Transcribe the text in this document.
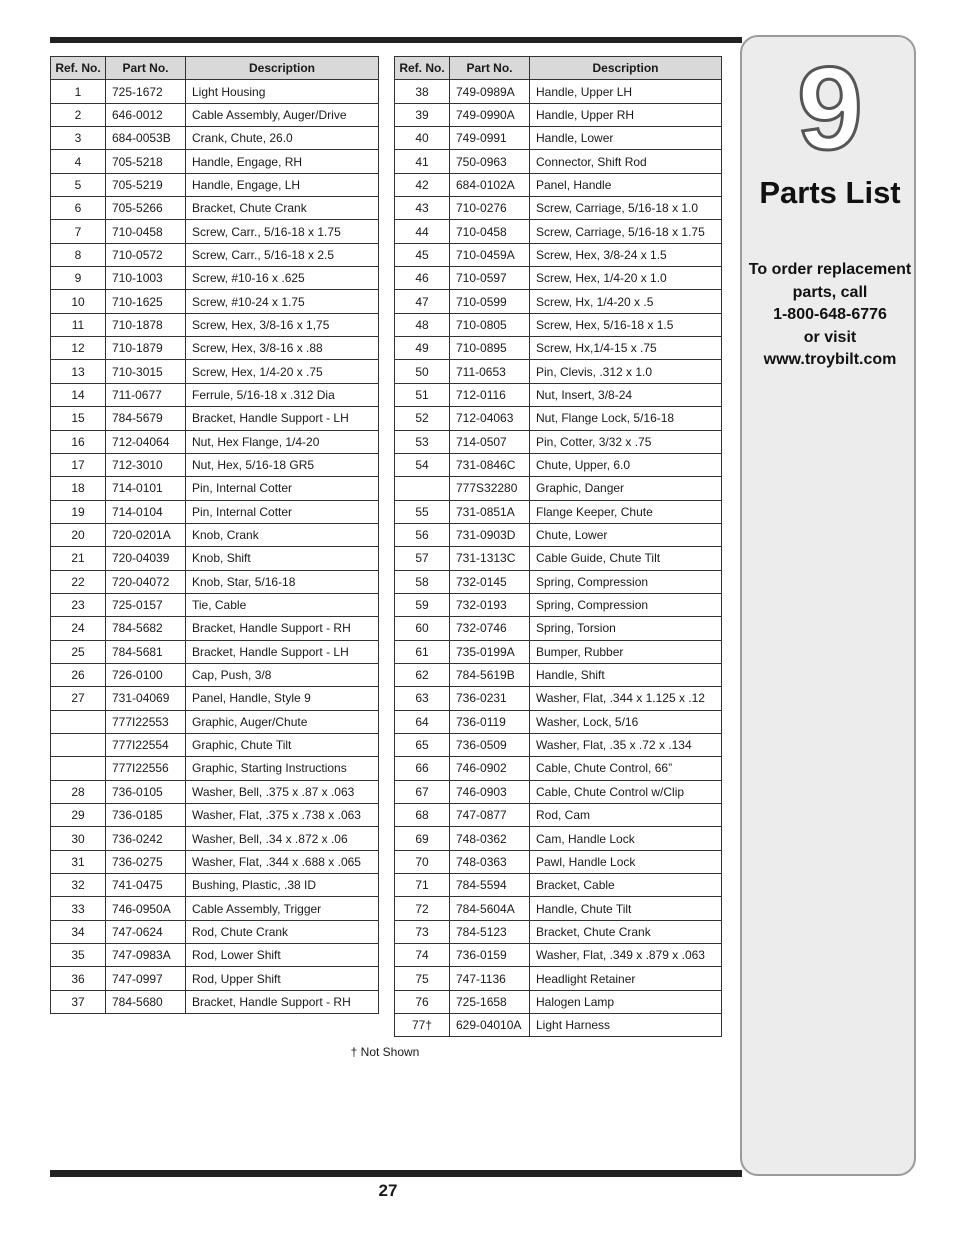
Ref. No.	Part No.	Description
1	725-1672	Light Housing
2	646-0012	Cable Assembly, Auger/Drive
3	684-0053B	Crank, Chute, 26.0
4	705-5218	Handle, Engage, RH
5	705-5219	Handle, Engage, LH
6	705-5266	Bracket, Chute Crank
7	710-0458	Screw, Carr., 5/16-18 x 1.75
8	710-0572	Screw, Carr., 5/16-18 x 2.5
9	710-1003	Screw, #10-16 x .625
10	710-1625	Screw, #10-24 x 1.75
11	710-1878	Screw, Hex, 3/8-16 x 1,75
12	710-1879	Screw, Hex, 3/8-16 x .88
13	710-3015	Screw, Hex, 1/4-20 x .75
14	711-0677	Ferrule, 5/16-18 x .312 Dia
15	784-5679	Bracket, Handle Support - LH
16	712-04064	Nut, Hex Flange, 1/4-20
17	712-3010	Nut, Hex, 5/16-18 GR5
18	714-0101	Pin, Internal Cotter
19	714-0104	Pin, Internal Cotter
20	720-0201A	Knob, Crank
21	720-04039	Knob, Shift
22	720-04072	Knob, Star, 5/16-18
23	725-0157	Tie, Cable
24	784-5682	Bracket, Handle Support - RH
25	784-5681	Bracket, Handle Support - LH
26	726-0100	Cap, Push, 3/8
27	731-04069	Panel, Handle, Style 9
	777I22553	Graphic, Auger/Chute
	777I22554	Graphic, Chute Tilt
	777I22556	Graphic, Starting Instructions
28	736-0105	Washer, Bell, .375 x .87 x .063
29	736-0185	Washer, Flat, .375 x .738 x .063
30	736-0242	Washer, Bell, .34 x .872 x .06
31	736-0275	Washer, Flat, .344 x .688 x .065
32	741-0475	Bushing, Plastic, .38 ID
33	746-0950A	Cable Assembly, Trigger
34	747-0624	Rod, Chute Crank
35	747-0983A	Rod, Lower Shift
36	747-0997	Rod, Upper Shift
37	784-5680	Bracket, Handle Support - RH
Ref. No.	Part No.	Description
38	749-0989A	Handle, Upper LH
39	749-0990A	Handle, Upper RH
40	749-0991	Handle, Lower
41	750-0963	Connector, Shift Rod
42	684-0102A	Panel, Handle
43	710-0276	Screw, Carriage, 5/16-18 x 1.0
44	710-0458	Screw, Carriage, 5/16-18 x 1.75
45	710-0459A	Screw, Hex, 3/8-24 x 1.5
46	710-0597	Screw, Hex, 1/4-20 x 1.0
47	710-0599	Screw, Hx, 1/4-20 x .5
48	710-0805	Screw, Hex, 5/16-18 x 1.5
49	710-0895	Screw, Hx,1/4-15 x .75
50	711-0653	Pin, Clevis, .312 x 1.0
51	712-0116	Nut, Insert, 3/8-24
52	712-04063	Nut, Flange Lock, 5/16-18
53	714-0507	Pin, Cotter, 3/32 x .75
54	731-0846C	Chute, Upper, 6.0
	777S32280	Graphic, Danger
55	731-0851A	Flange Keeper, Chute
56	731-0903D	Chute, Lower
57	731-1313C	Cable Guide, Chute Tilt
58	732-0145	Spring, Compression
59	732-0193	Spring, Compression
60	732-0746	Spring, Torsion
61	735-0199A	Bumper, Rubber
62	784-5619B	Handle, Shift
63	736-0231	Washer, Flat, .344 x 1.125 x .12
64	736-0119	Washer, Lock, 5/16
65	736-0509	Washer, Flat, .35 x .72 x .134
66	746-0902	Cable, Chute Control, 66”
67	746-0903	Cable, Chute Control w/Clip
68	747-0877	Rod, Cam
69	748-0362	Cam, Handle Lock
70	748-0363	Pawl, Handle Lock
71	784-5594	Bracket, Cable
72	784-5604A	Handle, Chute Tilt
73	784-5123	Bracket, Chute Crank
74	736-0159	Washer, Flat, .349 x .879 x .063
75	747-1136	Headlight Retainer
76	725-1658	Halogen Lamp
77†	629-04010A	Light Harness
† Not Shown
9
Parts List
To order replacement
parts, call
1-800-648-6776
or visit
www.troybilt.com
27
